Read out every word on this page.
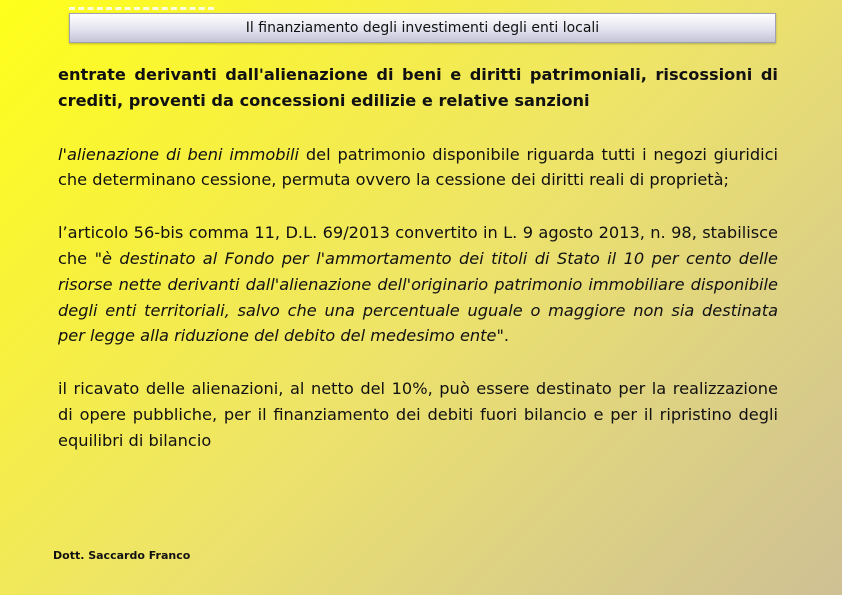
Il finanziamento degli investimenti degli enti locali

entrate derivanti dall'alienazione di beni e diritti patrimoniali, riscossioni di crediti, proventi da concessioni edilizie e relative sanzioni

l'alienazione di beni immobili del patrimonio disponibile riguarda tutti i negozi giuridici che determinano cessione, permuta ovvero la cessione dei diritti reali di proprietà;

l’articolo 56-bis comma 11, D.L. 69/2013 convertito in L. 9 agosto 2013, n. 98, stabilisce che "è destinato al Fondo per l'ammortamento dei titoli di Stato il 10 per cento delle risorse nette derivanti dall'alienazione dell'originario patrimonio immobiliare disponibile degli enti territoriali, salvo che una percentuale uguale o maggiore non sia destinata per legge alla riduzione del debito del medesimo ente".

il ricavato delle alienazioni, al netto del 10%, può essere destinato per la realizzazione di opere pubbliche, per il finanziamento dei debiti fuori bilancio e per il ripristino degli equilibri di bilancio

Dott. Saccardo Franco
